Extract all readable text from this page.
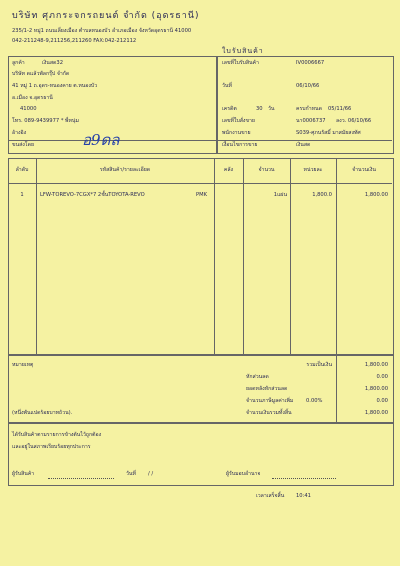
บริษัท ศุภกระจกรถยนต์ จำกัด (อุดรธานี)
235/1-2 หมู่1 ถนนเลี่ยงเมือง ตำบลหนองบัว อำเภอเมือง จังหวัดอุดรธานี 41000
042-211248-9,211256,211260 FAX:042-212112
ใบรับสินค้า
ลูกค้า	เงินสด32
บริษัท ดแล้วพัลกรุ๊ป จำกัด
41 หมู่ 1 ถ.อุดร-หนองคาย ต.หนองบัว
อ.เมือง จ.อุดรธานี
41000
โทร. 089-9439977 * พี่หนุ่ม
อ้างอิง
ขนส่งโดย	อ9ดล
เลขที่ใบรับสินค้า	IV0006667
วันที่	06/10/66
เครดิต	30 วัน	ครบกำหนด 05/11/66
เลขที่ใบสั่งขาย	นา0006737 ลงว. 06/10/66
พนักงานขาย	S039-ศุภนรัสมิ์ มาสมัยสงทัศ
เงื่อนไขการขาย	เงินสด
ลำดับ	รหัสสินค้า/รายละเอียด	คลัง	จำนวน	หน่วยละ	จำนวนเงิน
1	LFW-TOREVO-7CGX*7 2ชั้นTOYOTA-REVO	PMK	1แผ่น	1,800.0	1,800.00
หมายเหตุ
(หนึ่งพันแปดร้อยบาทถ้วน).
รวมเป็นเงิน	1,800.00
หักส่วนลด	0.00
ยอดหลังหักส่วนลด	1,800.00
จำนวนภาษีมูลค่าเพิ่ม 0.00%	0.00
จำนวนเงินรวมทั้งสิ้น	1,800.00
ได้รับสินค้าตามรายการข้างต้นไว้ถูกต้อง
และอยู่ในสภาพเรียบร้อยทุกประการ
ผู้รับสินค้า	วันที่ / /	ผู้รับมอบอำนาจ
เวลาเสร็จสิ้น 10:41
